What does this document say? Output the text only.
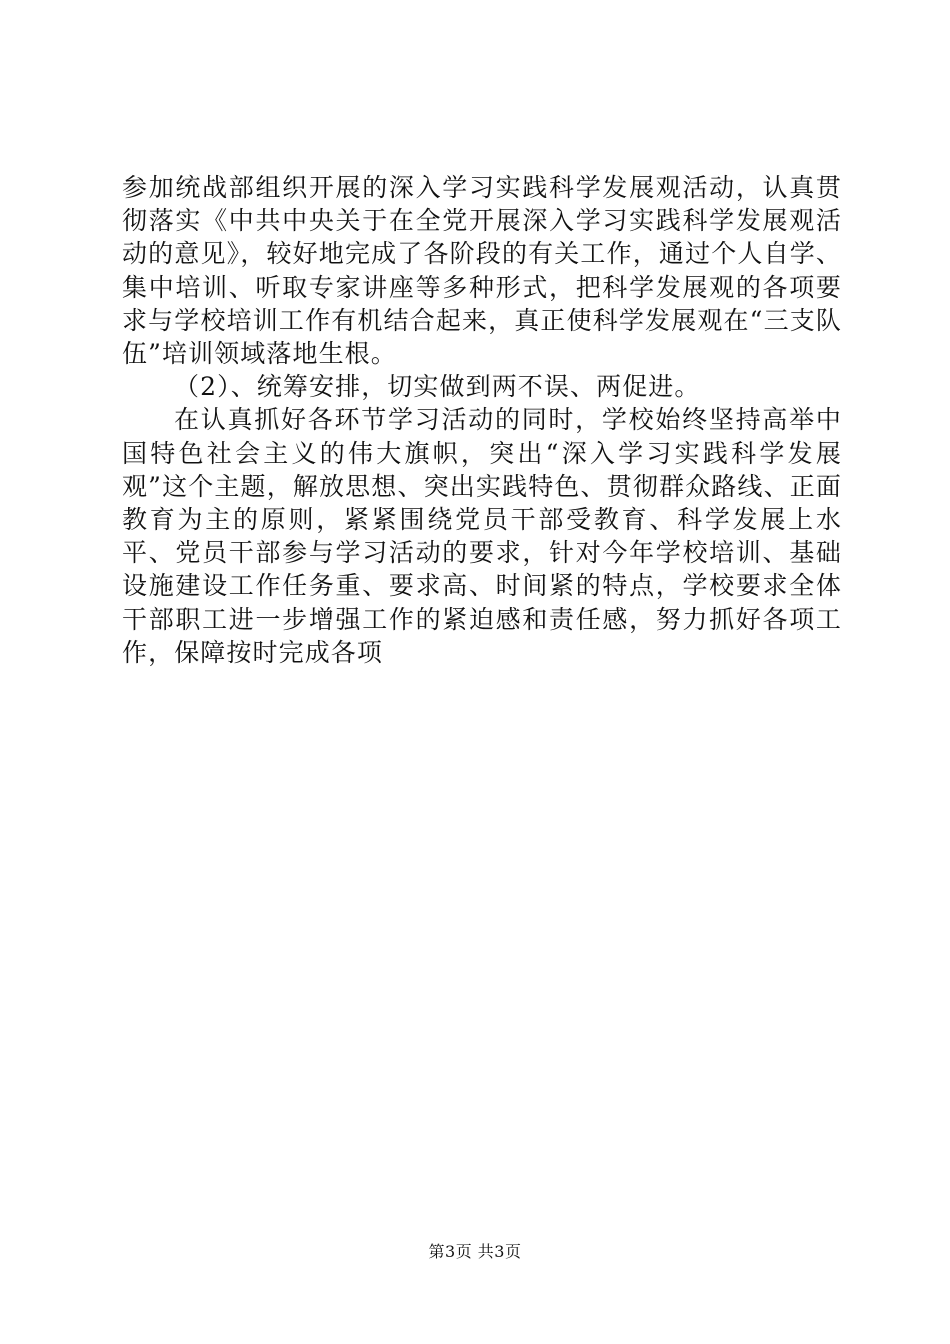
参加统战部组织开展的深入学习实践科学发展观活动，认真贯彻落实《中共中央关于在全党开展深入学习实践科学发展观活动的意见》，较好地完成了各阶段的有关工作，通过个人自学、集中培训、听取专家讲座等多种形式，把科学发展观的各项要求与学校培训工作有机结合起来，真正使科学发展观在“三支队伍”培训领域落地生根。

（2）、统筹安排，切实做到两不误、两促进。

在认真抓好各环节学习活动的同时，学校始终坚持高举中国特色社会主义的伟大旗帜，突出“深入学习实践科学发展观”这个主题，解放思想、突出实践特色、贯彻群众路线、正面教育为主的原则，紧紧围绕党员干部受教育、科学发展上水平、党员干部参与学习活动的要求，针对今年学校培训、基础设施建设工作任务重、要求高、时间紧的特点，学校要求全体干部职工进一步增强工作的紧迫感和责任感，努力抓好各项工作，保障按时完成各项

第3页 共3页
